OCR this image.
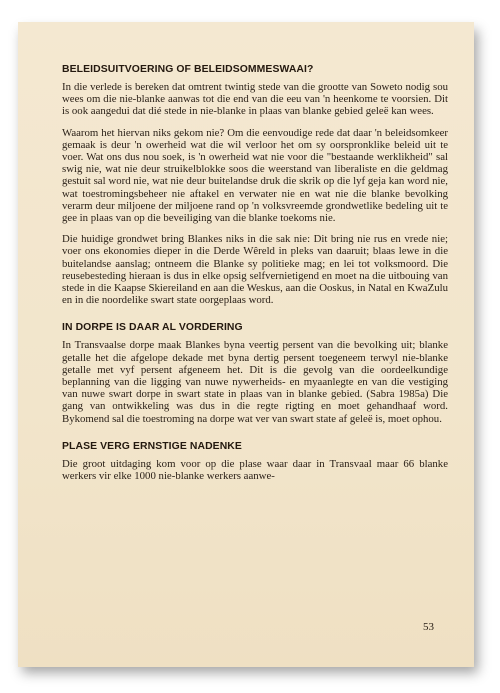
BELEIDSUITVOERING OF BELEIDSOMMESWAAI?

In die verlede is bereken dat omtrent twintig stede van die grootte van Soweto nodig sou wees om die nie-blanke aanwas tot die end van die eeu van 'n heenkome te voorsien. Dit is ook aangedui dat dié stede in nie-blanke in plaas van blanke gebied geleë kan wees.

Waarom het hiervan niks gekom nie? Om die eenvoudige rede dat daar 'n beleidsomkeer gemaak is deur 'n owerheid wat die wil verloor het om sy oorspronklike beleid uit te voer. Wat ons dus nou soek, is 'n owerheid wat nie voor die "bestaande werklikheid" sal swig nie, wat nie deur struikelblokke soos die weerstand van liberaliste en die geldmag gestuit sal word nie, wat nie deur buitelandse druk die skrik op die lyf geja kan word nie, wat toestromingsbeheer nie aftakel en verwater nie en wat nie die blanke bevolking verarm deur miljoene der miljoene rand op 'n volksvreemde grondwetlike bedeling uit te gee in plaas van op die beveiliging van die blanke toekoms nie.

Die huidige grondwet bring Blankes niks in die sak nie: Dit bring nie rus en vrede nie; voer ons ekonomies dieper in die Derde Wêreld in pleks van daaruit; blaas lewe in die buitelandse aanslag; ontneem die Blanke sy politieke mag; en lei tot volksmoord. Die reusebesteding hieraan is dus in elke opsig selfvernietigend en moet na die uitbouing van stede in die Kaapse Skiereiland en aan die Weskus, aan die Ooskus, in Natal en KwaZulu en in die noordelike swart state oorgeplaas word.

IN DORPE IS DAAR AL VORDERING

In Transvaalse dorpe maak Blankes byna veertig persent van die bevolking uit; blanke getalle het die afgelope dekade met byna dertig persent toegeneem terwyl nie-blanke getalle met vyf persent afgeneem het. Dit is die gevolg van die oordeelkundige beplanning van die ligging van nuwe nywerheids- en myaanlegte en van die vestiging van nuwe swart dorpe in swart state in plaas van in blanke gebied. (Sabra 1985a) Die gang van ontwikkeling was dus in die regte rigting en moet gehandhaaf word. Bykomend sal die toestroming na dorpe wat ver van swart state af geleë is, moet ophou.

PLASE VERG ERNSTIGE NADENKE

Die groot uitdaging kom voor op die plase waar daar in Transvaal maar 66 blanke werkers vir elke 1000 nie-blanke werkers aanwe-

53
